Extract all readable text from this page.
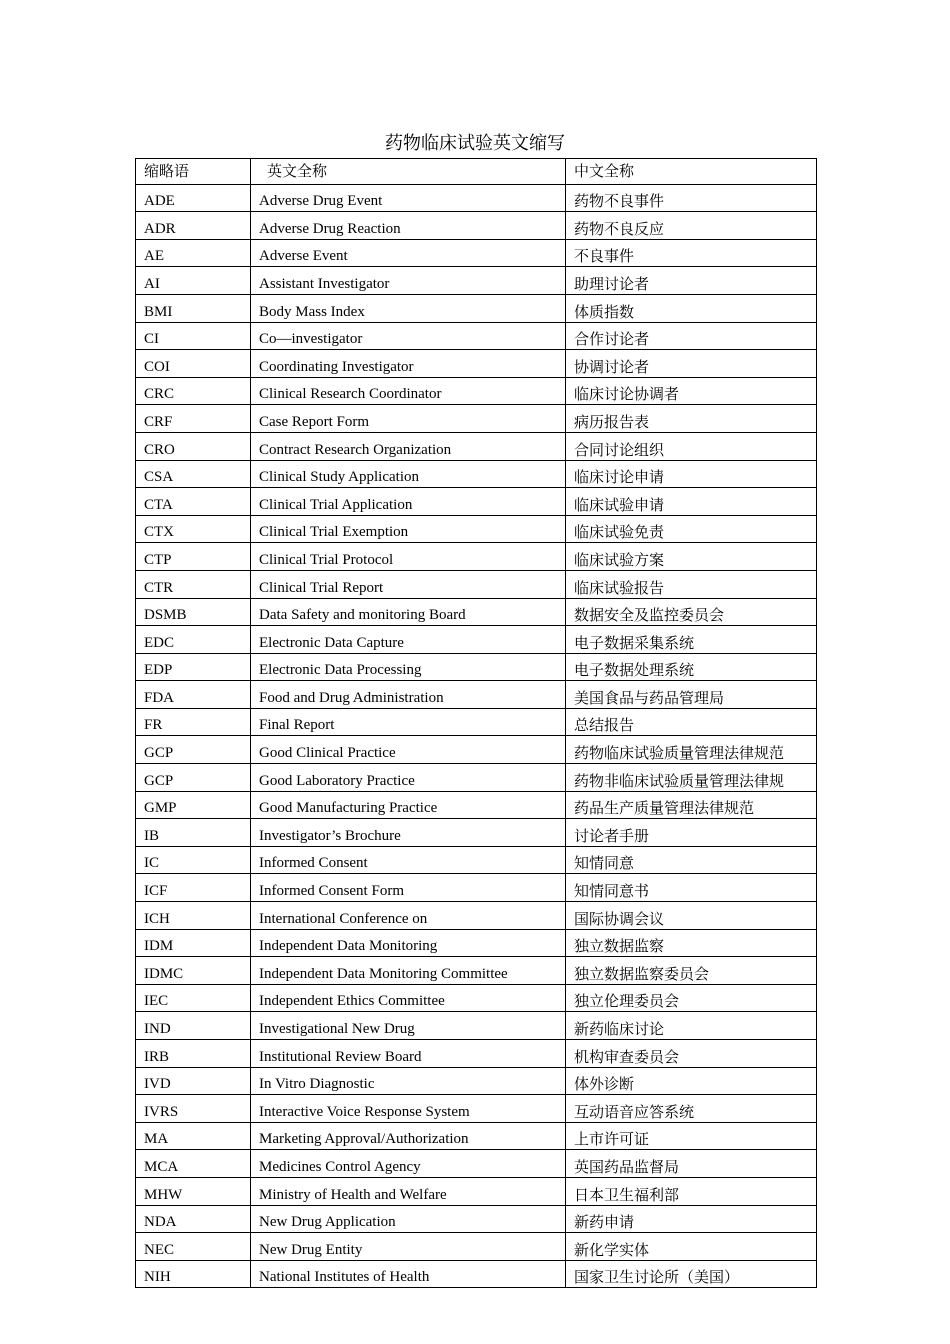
药物临床试验英文缩写
缩略语	英文全称	中文全称
ADE	Adverse Drug Event	药物不良事件
ADR	Adverse Drug Reaction	药物不良反应
AE	Adverse Event	不良事件
AI	Assistant Investigator	助理讨论者
BMI	Body Mass Index	体质指数
CI	Co—investigator	合作讨论者
COI	Coordinating Investigator	协调讨论者
CRC	Clinical Research Coordinator	临床讨论协调者
CRF	Case Report Form	病历报告表
CRO	Contract Research Organization	合同讨论组织
CSA	Clinical Study Application	临床讨论申请
CTA	Clinical Trial Application	临床试验申请
CTX	Clinical Trial Exemption	临床试验免责
CTP	Clinical Trial Protocol	临床试验方案
CTR	Clinical Trial Report	临床试验报告
DSMB	Data Safety and monitoring Board	数据安全及监控委员会
EDC	Electronic Data Capture	电子数据采集系统
EDP	Electronic Data Processing	电子数据处理系统
FDA	Food and Drug Administration	美国食品与药品管理局
FR	Final Report	总结报告
GCP	Good Clinical Practice	药物临床试验质量管理法律规范
GCP	Good Laboratory Practice	药物非临床试验质量管理法律规
GMP	Good Manufacturing Practice	药品生产质量管理法律规范
IB	Investigator’s Brochure	讨论者手册
IC	Informed Consent	知情同意
ICF	Informed Consent Form	知情同意书
ICH	International Conference on	国际协调会议
IDM	Independent Data Monitoring	独立数据监察
IDMC	Independent Data Monitoring Committee	独立数据监察委员会
IEC	Independent Ethics Committee	独立伦理委员会
IND	Investigational New Drug	新药临床讨论
IRB	Institutional Review Board	机构审查委员会
IVD	In Vitro Diagnostic	体外诊断
IVRS	Interactive Voice Response System	互动语音应答系统
MA	Marketing Approval/Authorization	上市许可证
MCA	Medicines Control Agency	英国药品监督局
MHW	Ministry of Health and Welfare	日本卫生福利部
NDA	New Drug Application	新药申请
NEC	New Drug Entity	新化学实体
NIH	National Institutes of Health	国家卫生讨论所（美国）
